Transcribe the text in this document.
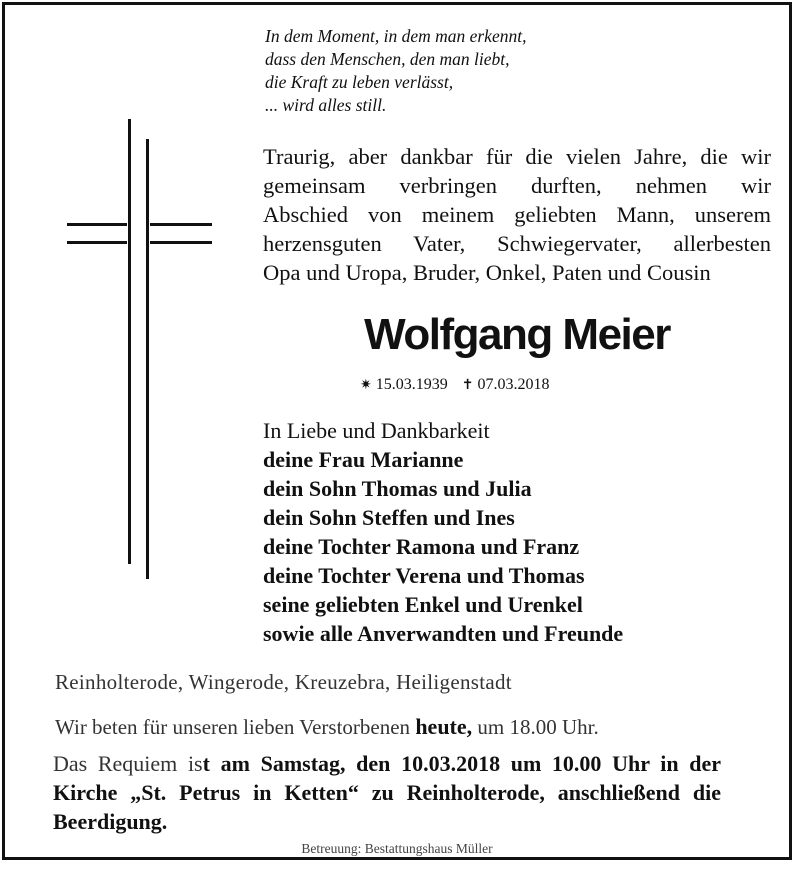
In dem Moment, in dem man erkennt,
dass den Menschen, den man liebt,
die Kraft zu leben verlässt,
... wird alles still.
Traurig, aber dankbar für die vielen Jahre, die wir
gemeinsam verbringen durften, nehmen wir
Abschied von meinem geliebten Mann, unserem
herzensguten Vater, Schwiegervater, allerbesten
Opa und Uropa, Bruder, Onkel, Paten und Cousin
Wolfgang Meier
✷ 15.03.1939 ✝ 07.03.2018
In Liebe und Dankbarkeit
deine Frau Marianne
dein Sohn Thomas und Julia
dein Sohn Steffen und Ines
deine Tochter Ramona und Franz
deine Tochter Verena und Thomas
seine geliebten Enkel und Urenkel
sowie alle Anverwandten und Freunde
Reinholterode, Wingerode, Kreuzebra, Heiligenstadt
Wir beten für unseren lieben Verstorbenen heute, um 18.00 Uhr.
Das Requiem ist am Samstag, den 10.03.2018 um 10.00 Uhr in der
Kirche „St. Petrus in Ketten“ zu Reinholterode, anschließend die
Beerdigung.
Betreuung: Bestattungshaus Müller
